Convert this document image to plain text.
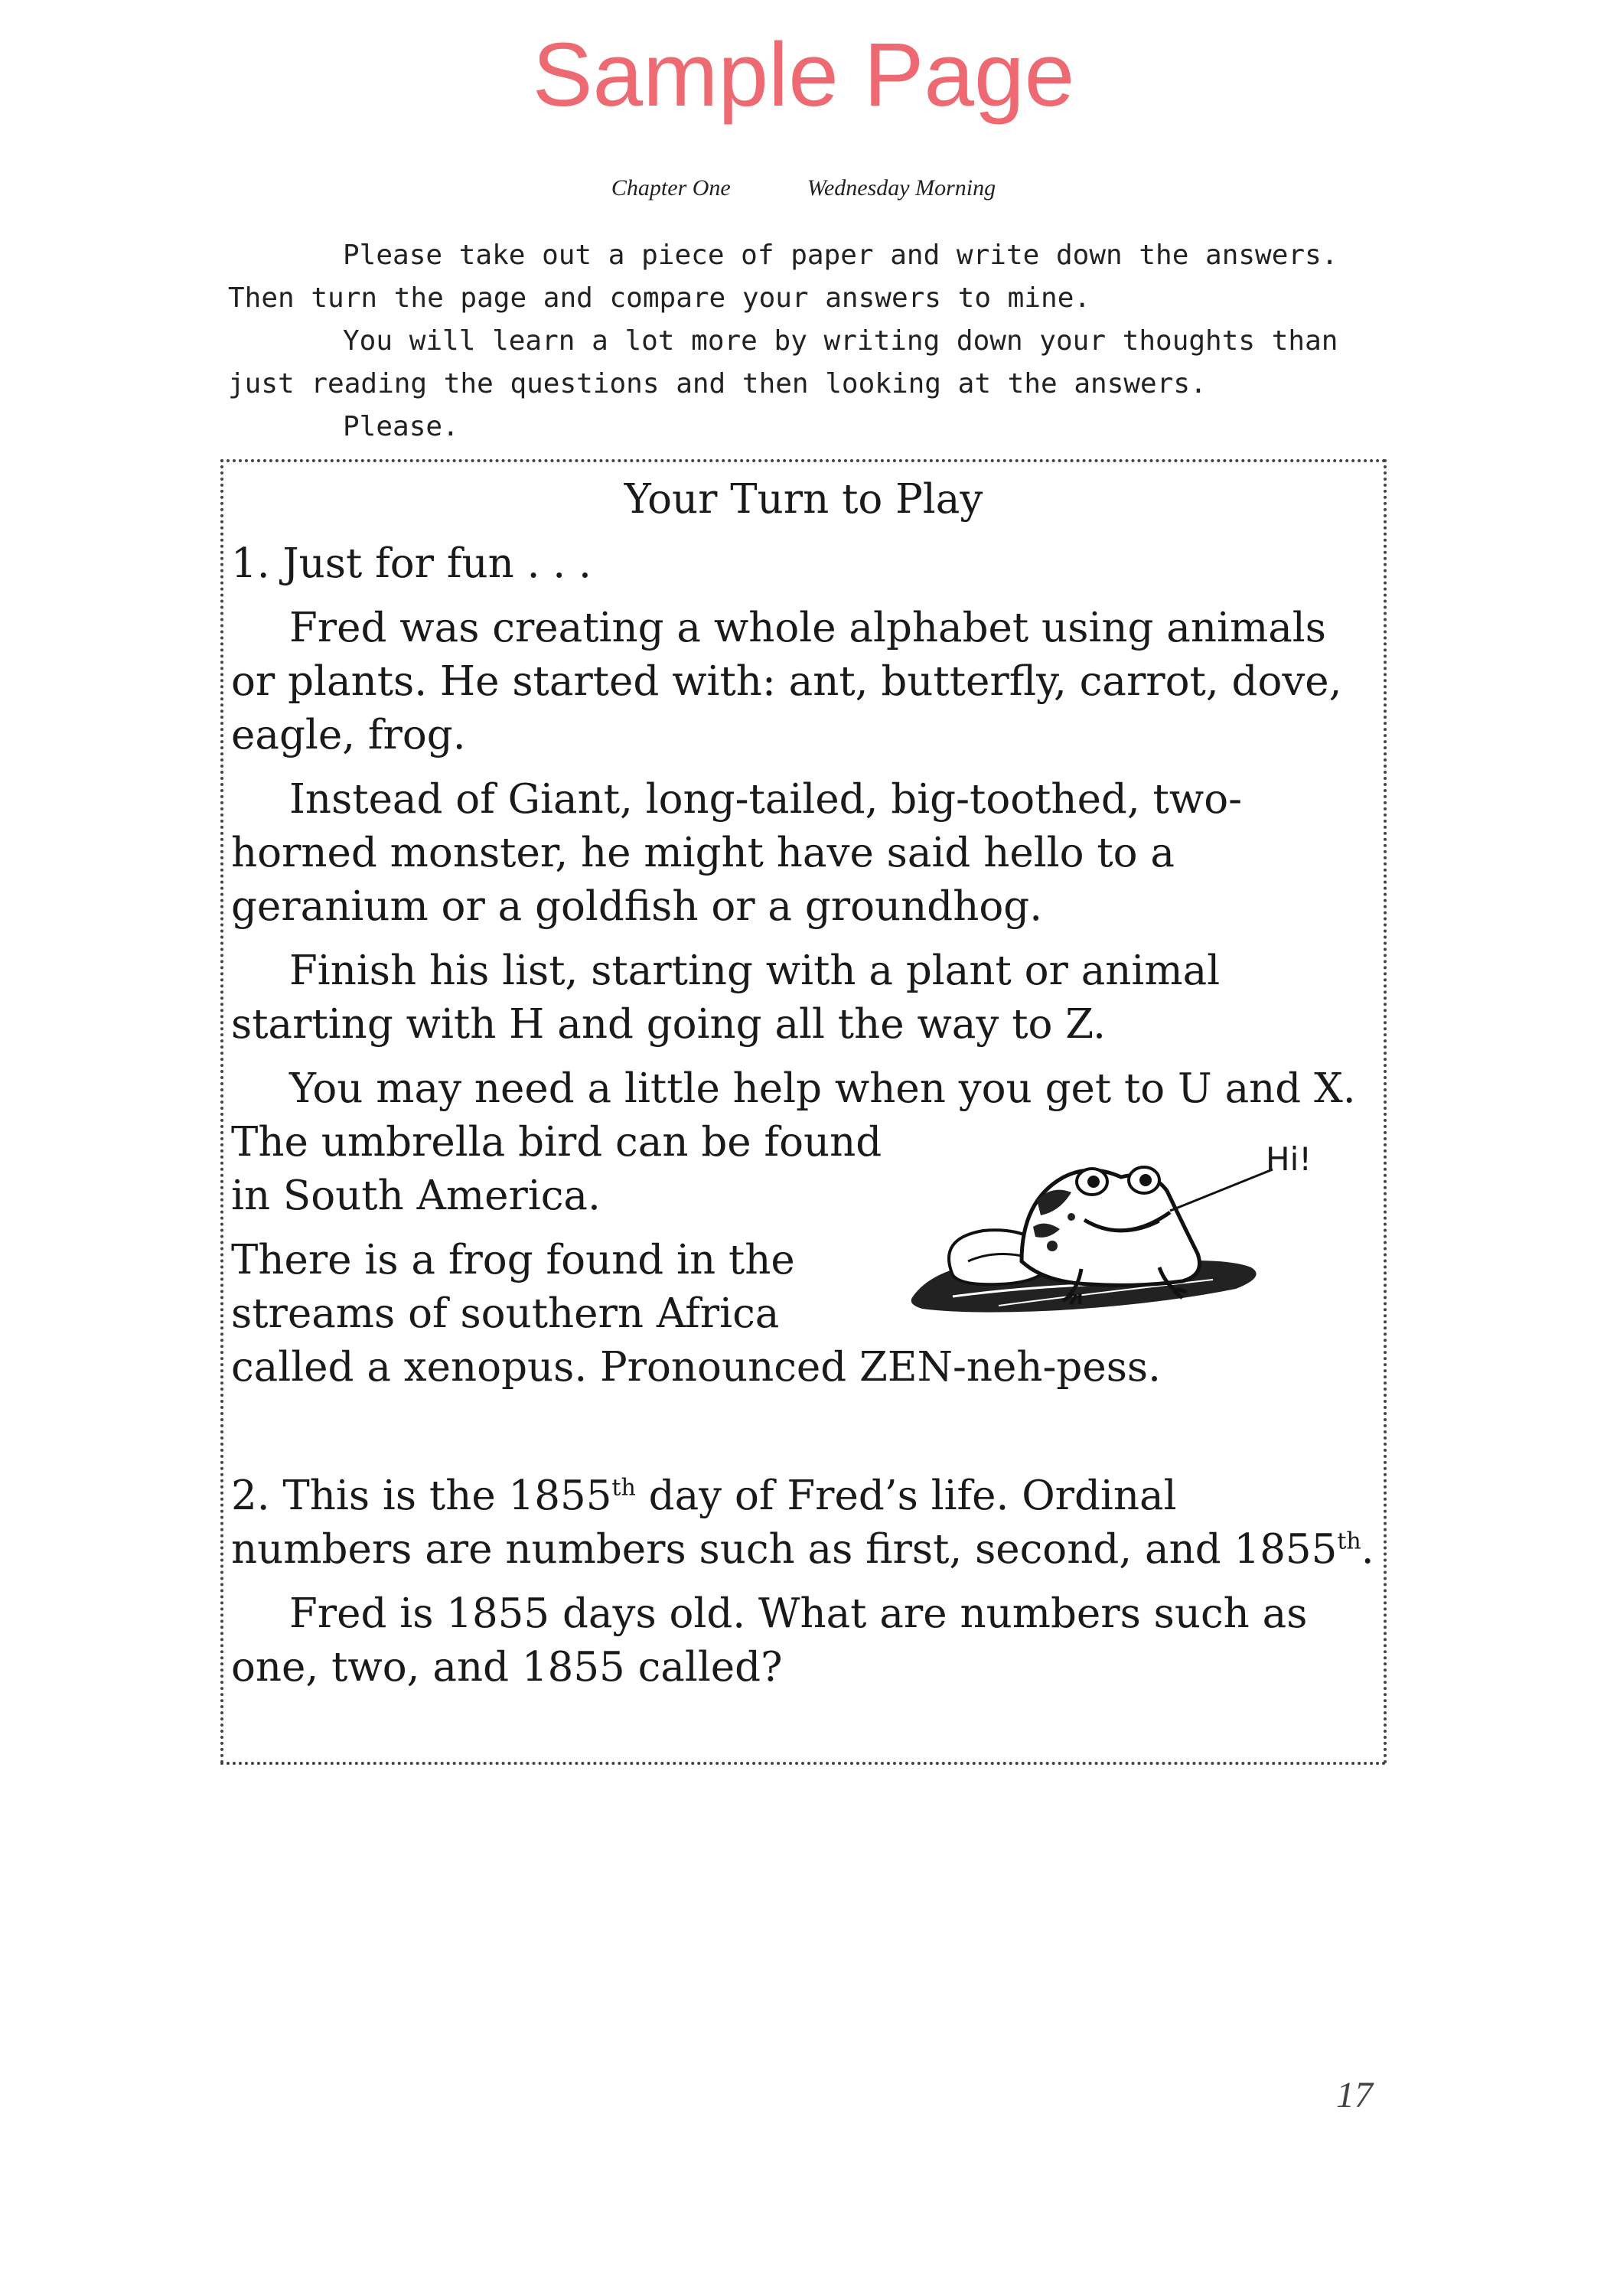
Sample Page
Chapter One	Wednesday Morning

Please take out a piece of paper and write down the answers. Then turn the page and compare your answers to mine.

You will learn a lot more by writing down your thoughts than just reading the questions and then looking at the answers.

Please.

Your Turn to Play

1. Just for fun . . .

Fred was creating a whole alphabet using animals or plants. He started with: ant, butterfly, carrot, dove, eagle, frog.

Instead of Giant, long-tailed, big-toothed, two-horned monster, he might have said hello to a geranium or a goldfish or a groundhog.

Finish his list, starting with a plant or animal starting with H and going all the way to Z.

You may need a little help when you get to U and X.

The umbrella bird can be found

in South America.

There is a frog found in the

streams of southern Africa

called a xenopus. Pronounced ZEN-neh-pess.

2. This is the 1855th day of Fred’s life. Ordinal

numbers are numbers such as first, second, and 1855th.

Fred is 1855 days old. What are numbers such as one, two, and 1855 called?

Hi!
17
